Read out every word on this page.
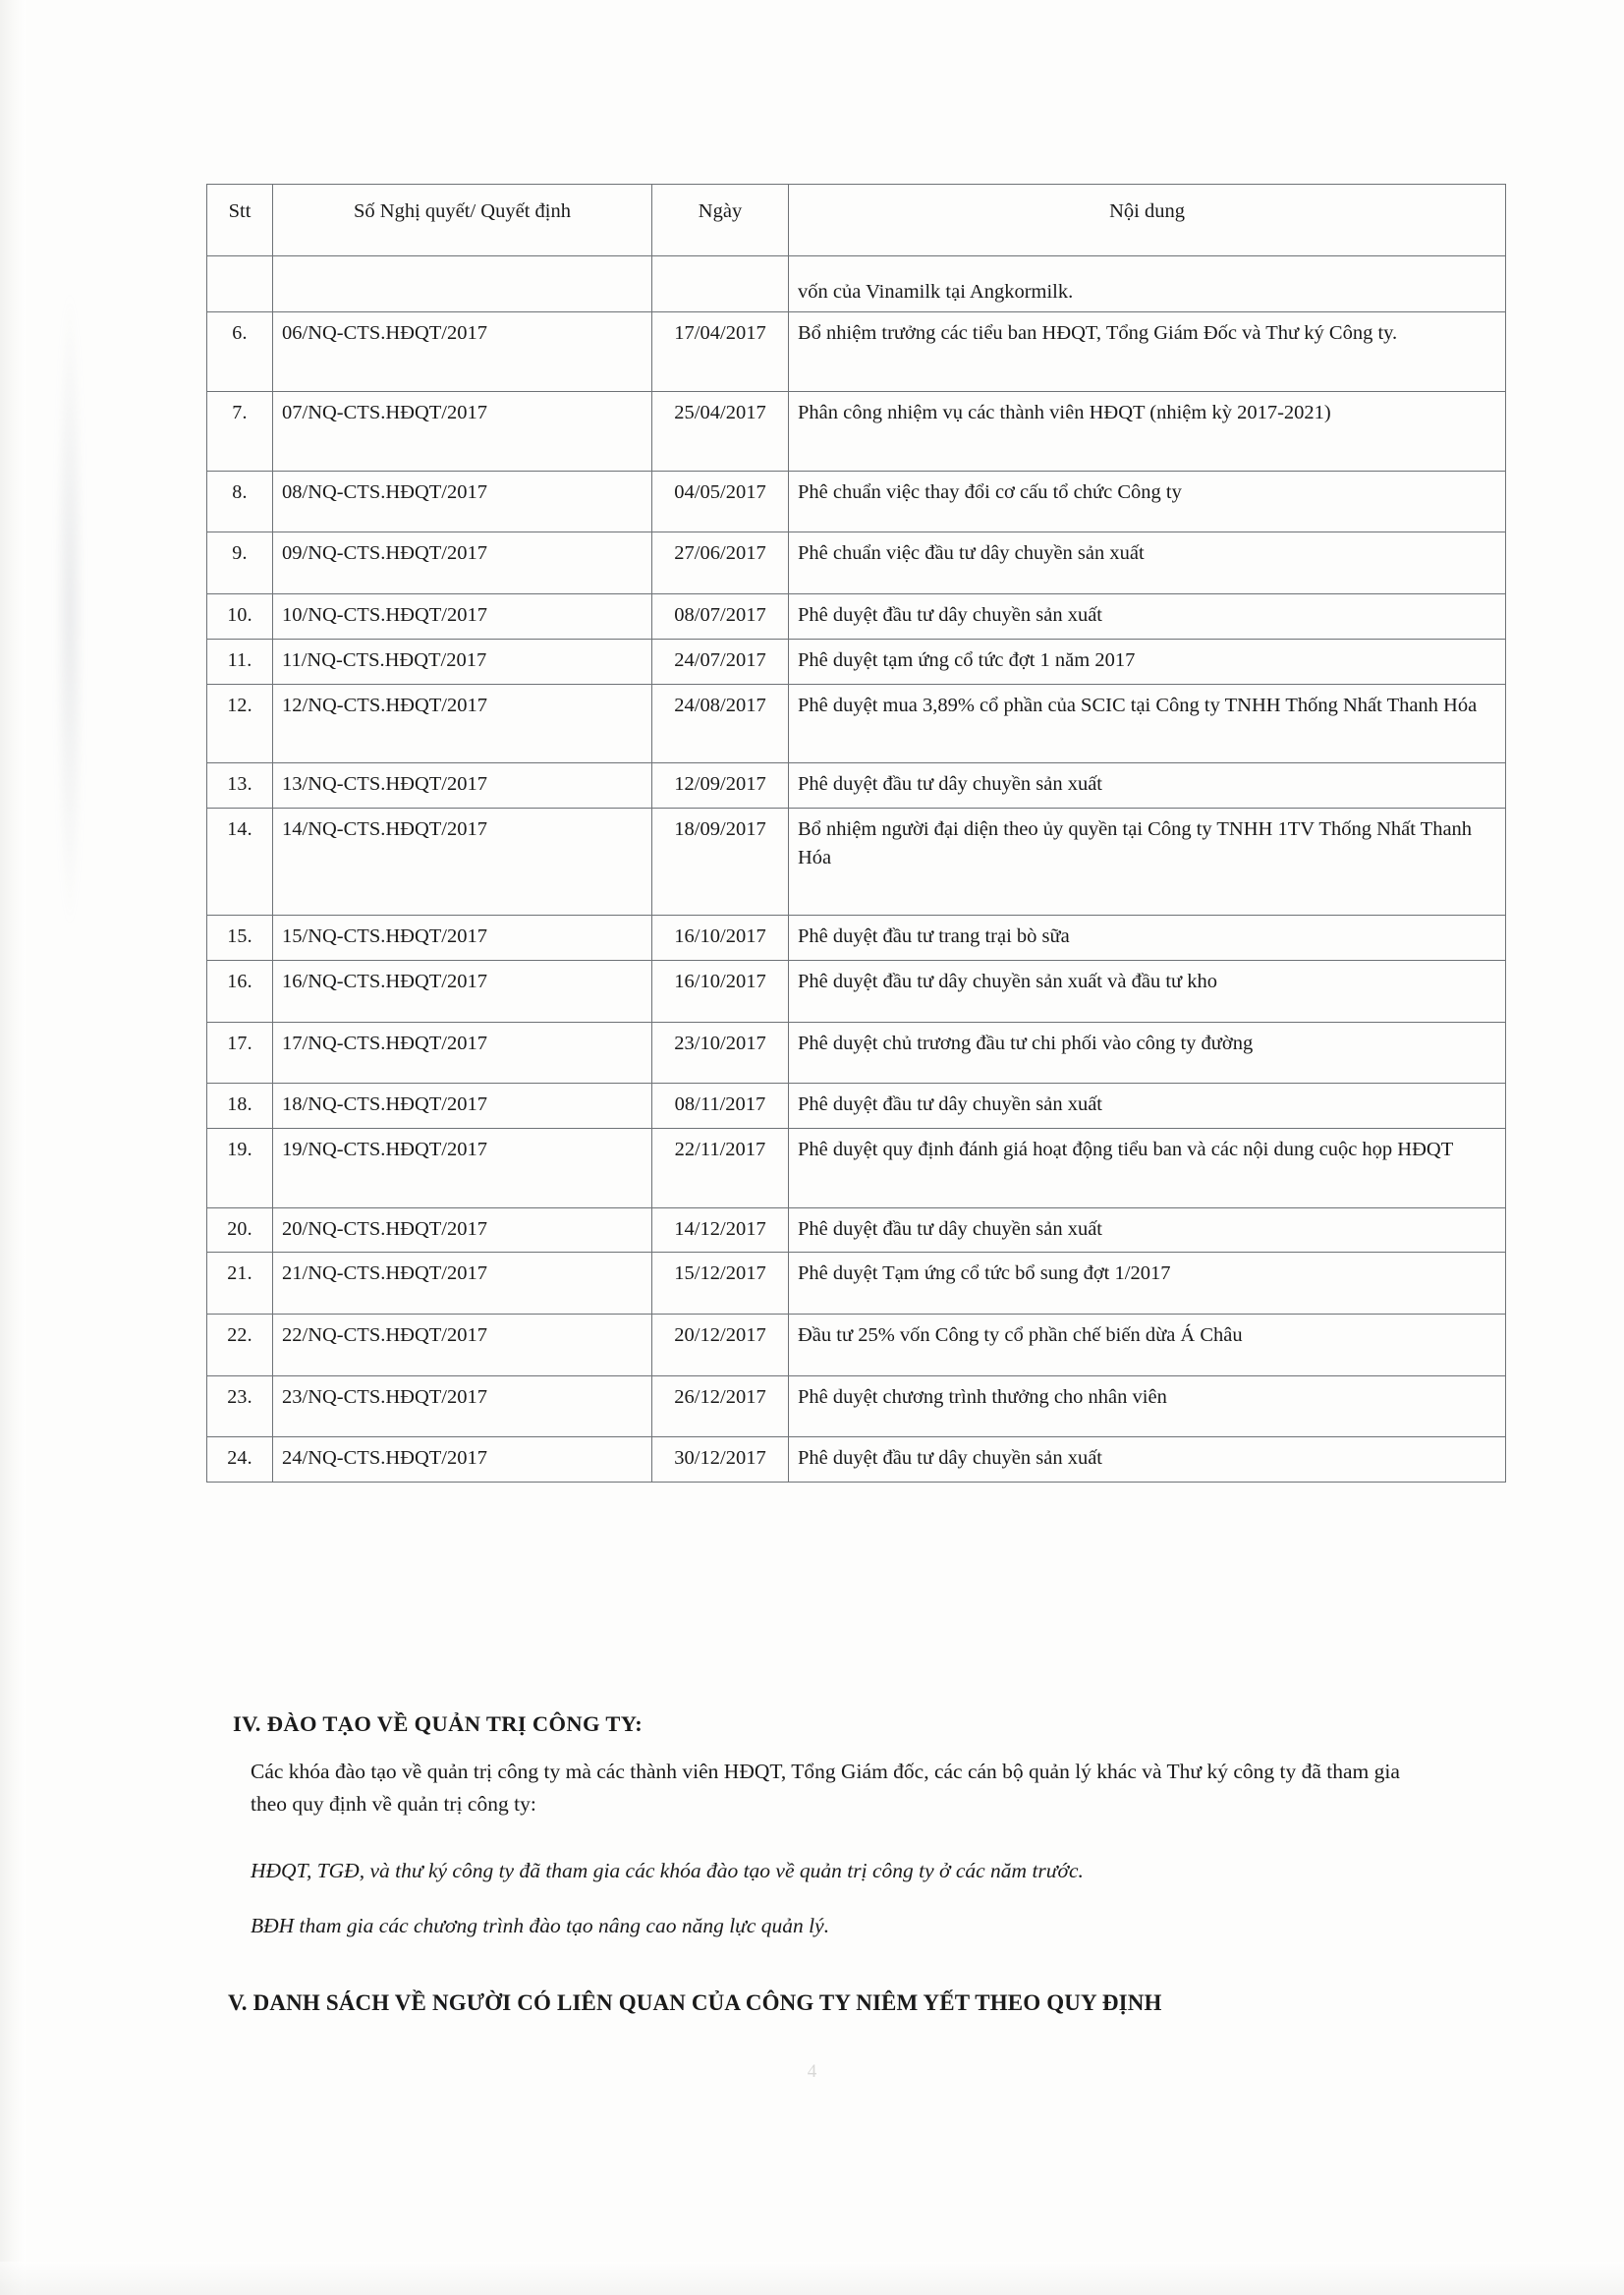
Stt	Số Nghị quyết/ Quyết định	Ngày	Nội dung
			vốn của Vinamilk tại Angkormilk.
6.	06/NQ-CTS.HĐQT/2017	17/04/2017	Bổ nhiệm trưởng các tiểu ban HĐQT, Tổng Giám Đốc và Thư ký Công ty.
7.	07/NQ-CTS.HĐQT/2017	25/04/2017	Phân công nhiệm vụ các thành viên HĐQT (nhiệm kỳ 2017-2021)
8.	08/NQ-CTS.HĐQT/2017	04/05/2017	Phê chuẩn việc thay đổi cơ cấu tổ chức Công ty
9.	09/NQ-CTS.HĐQT/2017	27/06/2017	Phê chuẩn việc đầu tư dây chuyền sản xuất
10.	10/NQ-CTS.HĐQT/2017	08/07/2017	Phê duyệt đầu tư dây chuyền sản xuất
11.	11/NQ-CTS.HĐQT/2017	24/07/2017	Phê duyệt tạm ứng cổ tức đợt 1 năm 2017
12.	12/NQ-CTS.HĐQT/2017	24/08/2017	Phê duyệt mua 3,89% cổ phần của SCIC tại Công ty TNHH Thống Nhất Thanh Hóa
13.	13/NQ-CTS.HĐQT/2017	12/09/2017	Phê duyệt đầu tư dây chuyền sản xuất
14.	14/NQ-CTS.HĐQT/2017	18/09/2017	Bổ nhiệm người đại diện theo ủy quyền tại Công ty TNHH 1TV Thống Nhất Thanh Hóa
15.	15/NQ-CTS.HĐQT/2017	16/10/2017	Phê duyệt đầu tư trang trại bò sữa
16.	16/NQ-CTS.HĐQT/2017	16/10/2017	Phê duyệt đầu tư dây chuyền sản xuất và đầu tư kho
17.	17/NQ-CTS.HĐQT/2017	23/10/2017	Phê duyệt chủ trương đầu tư chi phối vào công ty đường
18.	18/NQ-CTS.HĐQT/2017	08/11/2017	Phê duyệt đầu tư dây chuyền sản xuất
19.	19/NQ-CTS.HĐQT/2017	22/11/2017	Phê duyệt quy định đánh giá hoạt động tiểu ban và các nội dung cuộc họp HĐQT
20.	20/NQ-CTS.HĐQT/2017	14/12/2017	Phê duyệt đầu tư dây chuyền sản xuất
21.	21/NQ-CTS.HĐQT/2017	15/12/2017	Phê duyệt Tạm ứng cổ tức bổ sung đợt 1/2017
22.	22/NQ-CTS.HĐQT/2017	20/12/2017	Đầu tư 25% vốn Công ty cổ phần chế biến dừa Á Châu
23.	23/NQ-CTS.HĐQT/2017	26/12/2017	Phê duyệt chương trình thưởng cho nhân viên
24.	24/NQ-CTS.HĐQT/2017	30/12/2017	Phê duyệt đầu tư dây chuyền sản xuất
IV. ĐÀO TẠO VỀ QUẢN TRỊ CÔNG TY:
Các khóa đào tạo về quản trị công ty mà các thành viên HĐQT, Tổng Giám đốc, các cán bộ quản lý khác và Thư ký công ty đã tham gia theo quy định về quản trị công ty:
HĐQT, TGĐ, và thư ký công ty đã tham gia các khóa đào tạo về quản trị công ty ở các năm trước.
BĐH tham gia các chương trình đào tạo nâng cao năng lực quản lý.
V. DANH SÁCH VỀ NGƯỜI CÓ LIÊN QUAN CỦA CÔNG TY NIÊM YẾT THEO QUY ĐỊNH
4
